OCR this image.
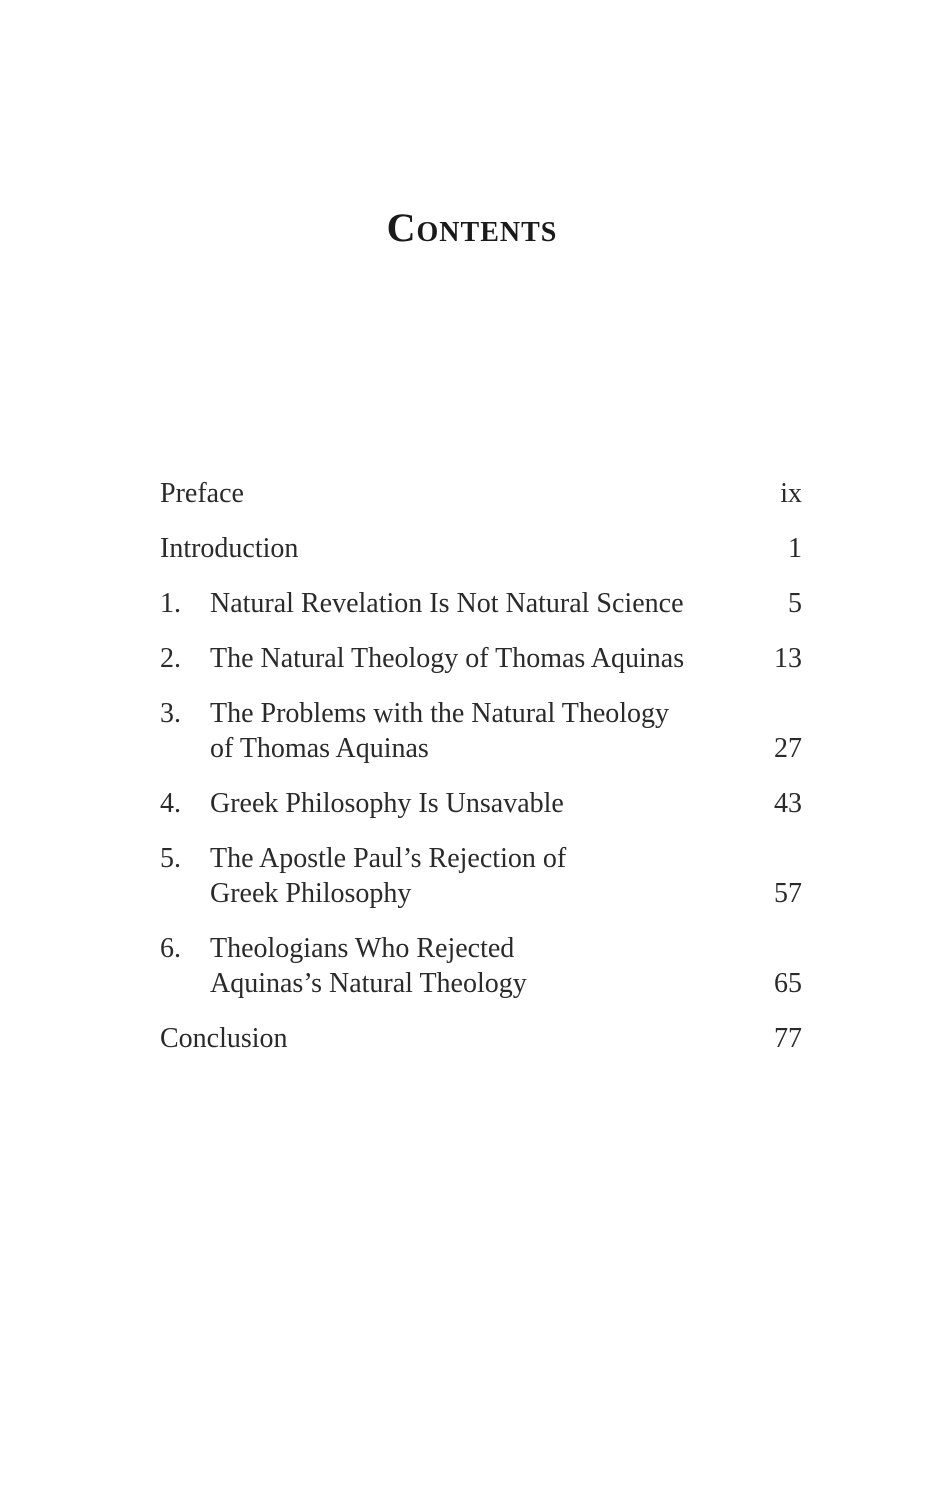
Contents
Preface	ix
Introduction	1
1.	Natural Revelation Is Not Natural Science	5
2.	The Natural Theology of Thomas Aquinas	13
3.	The Problems with the Natural Theology
of Thomas Aquinas	27
4.	Greek Philosophy Is Unsavable	43
5.	The Apostle Paul’s Rejection of
Greek Philosophy	57
6.	Theologians Who Rejected
Aquinas’s Natural Theology	65
Conclusion	77
